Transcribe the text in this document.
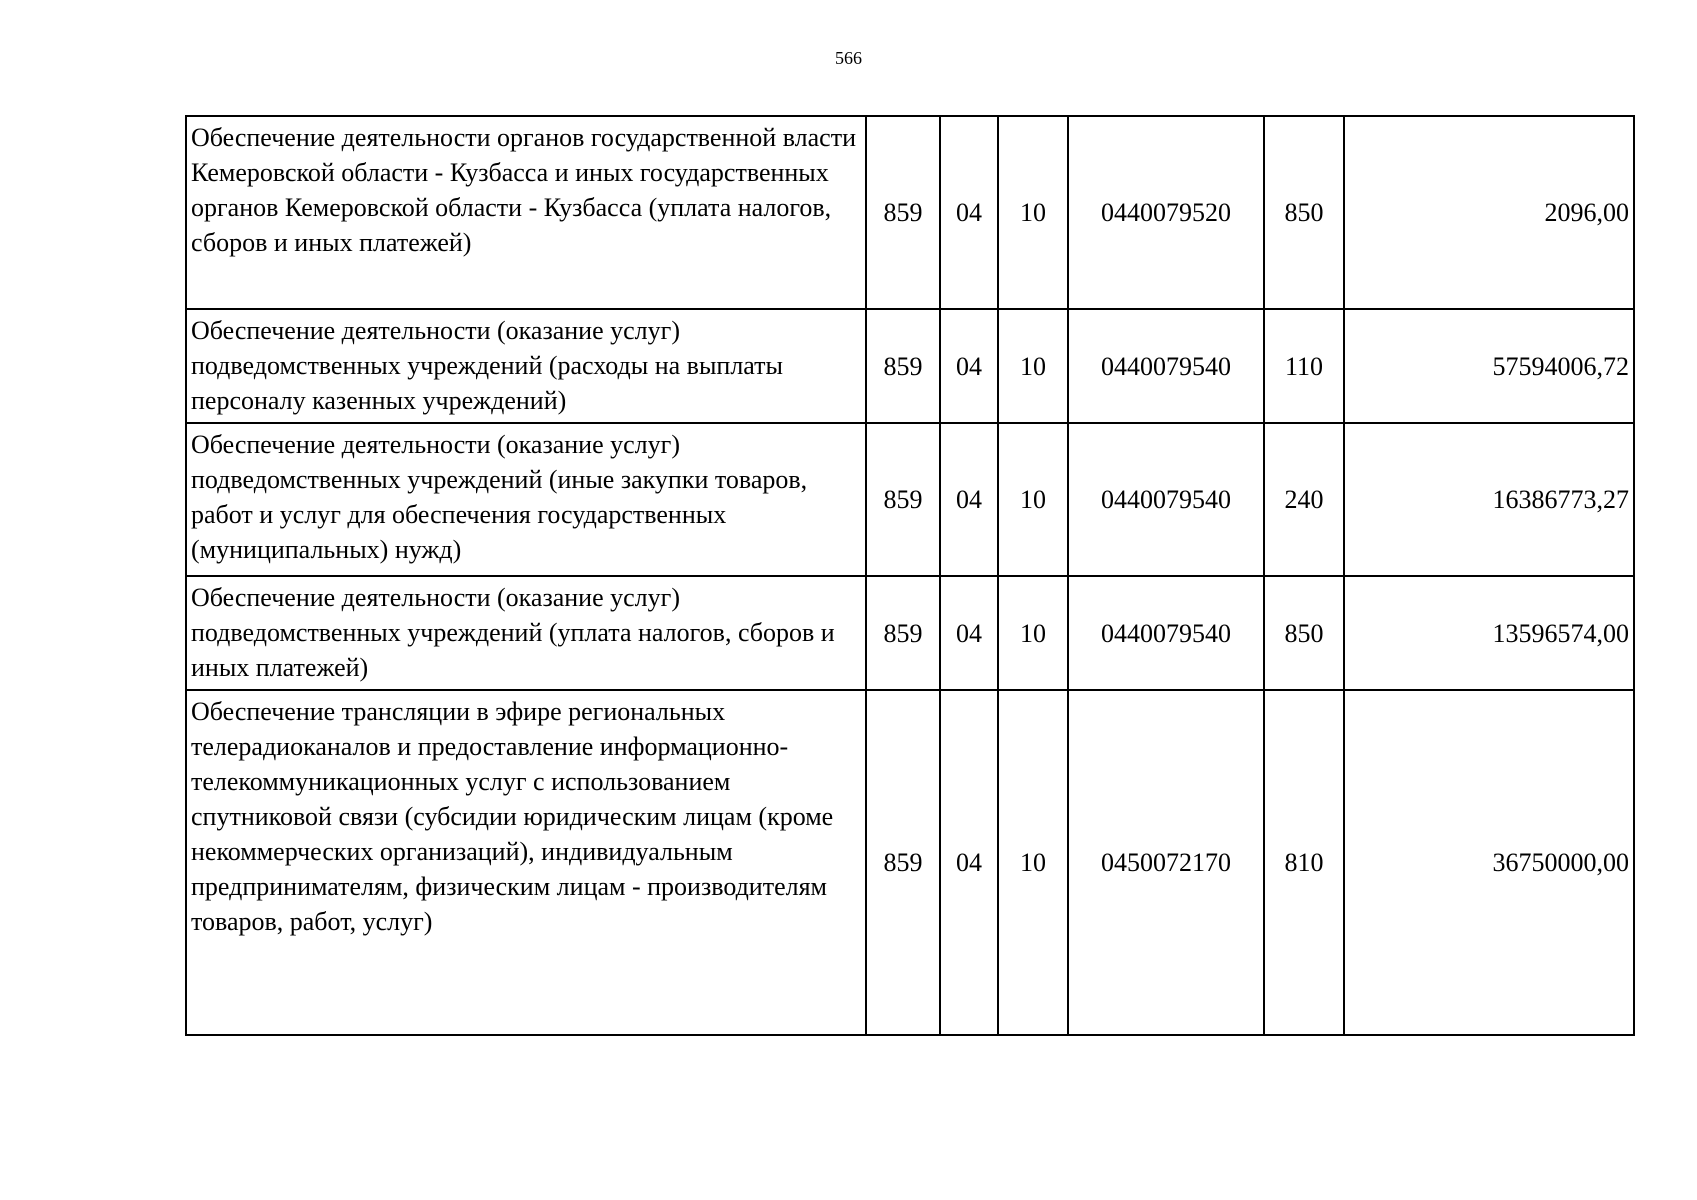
566
Обеспечение деятельности органов государственной власти Кемеровской области - Кузбасса и иных государственных органов Кемеровской области - Кузбасса (уплата налогов, сборов и иных платежей)	859	04	10	0440079520	850	2096,00
Обеспечение деятельности (оказание услуг) подведомственных учреждений (расходы на выплаты персоналу казенных учреждений)	859	04	10	0440079540	110	57594006,72
Обеспечение деятельности (оказание услуг) подведомственных учреждений (иные закупки товаров, работ и услуг для обеспечения государственных (муниципальных) нужд)	859	04	10	0440079540	240	16386773,27
Обеспечение деятельности (оказание услуг) подведомственных учреждений (уплата налогов, сборов и иных платежей)	859	04	10	0440079540	850	13596574,00
Обеспечение трансляции в эфире региональных телерадиоканалов и предоставление информационно-телекоммуникационных услуг с использованием спутниковой связи (субсидии юридическим лицам (кроме некоммерческих организаций), индивидуальным предпринимателям, физическим лицам - производителям товаров, работ, услуг)	859	04	10	0450072170	810	36750000,00
